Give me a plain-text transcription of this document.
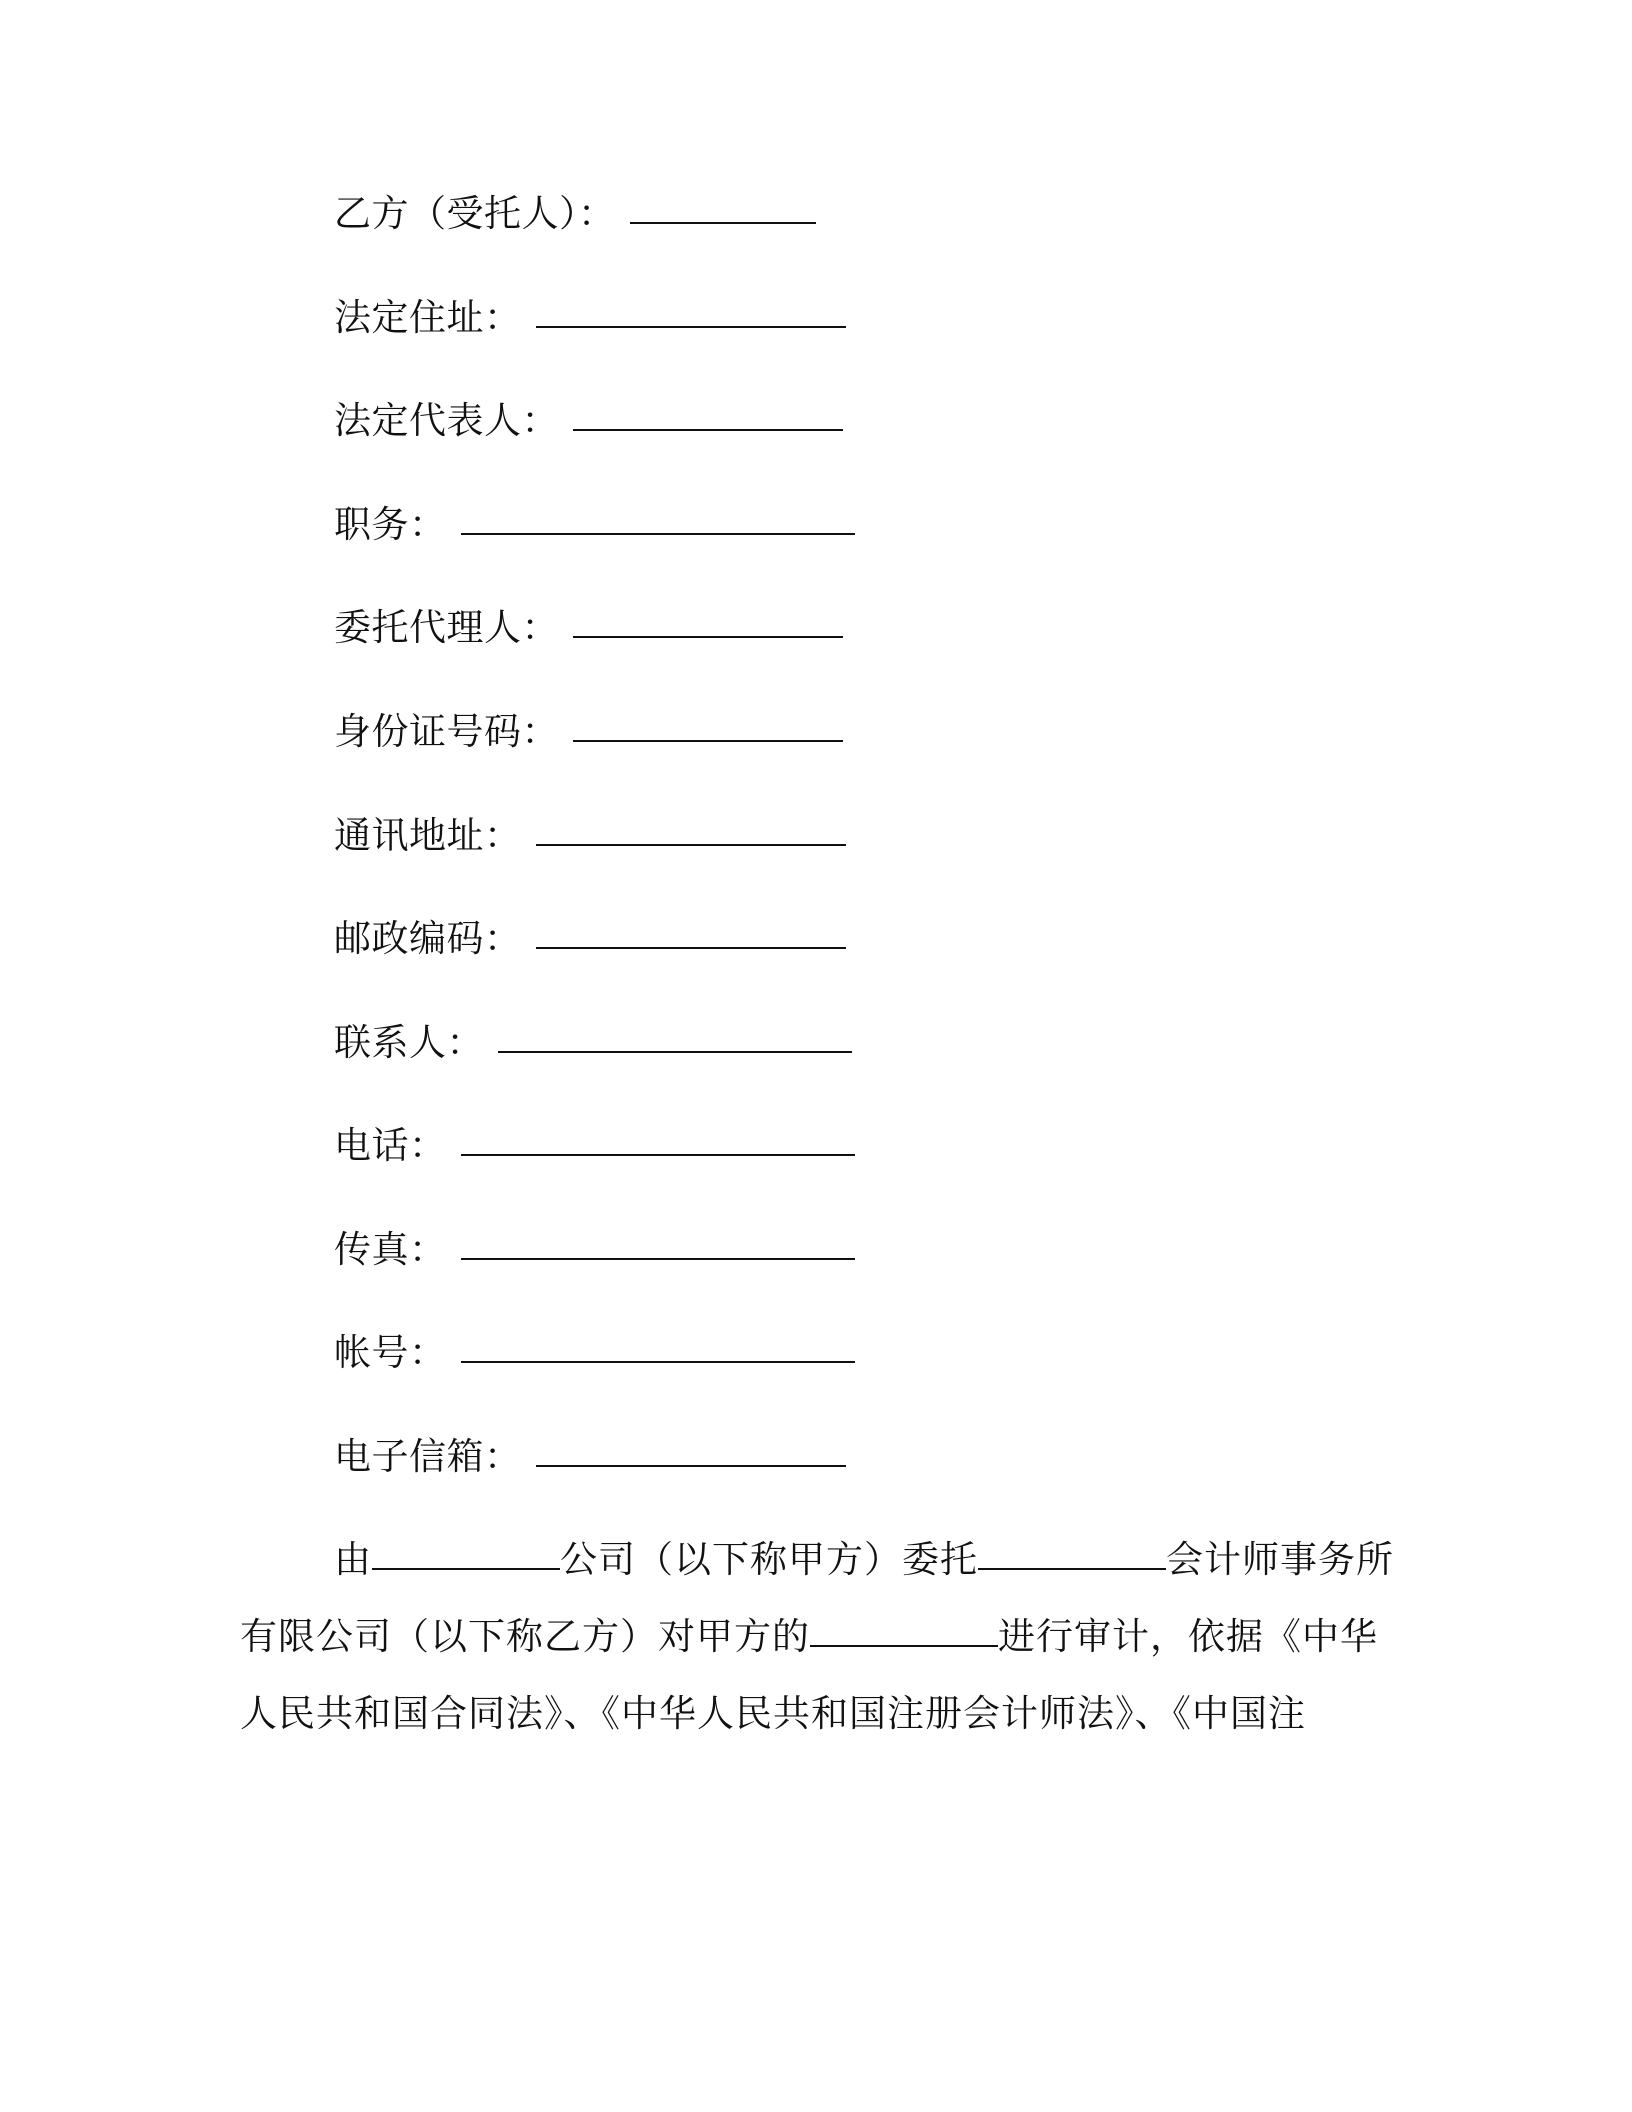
乙方（受托人）：
法定住址：
法定代表人：
职务：
委托代理人：
身份证号码：
通讯地址：
邮政编码：
联系人：
电话：
传真：
帐号：
电子信箱：
由	公司（以下称甲方）委托	会计师事务所
有限公司（以下称乙方）对甲方的	进行审计，依据《中华
人民共和国合同法》、《中华人民共和国注册会计师法》、《中国注
